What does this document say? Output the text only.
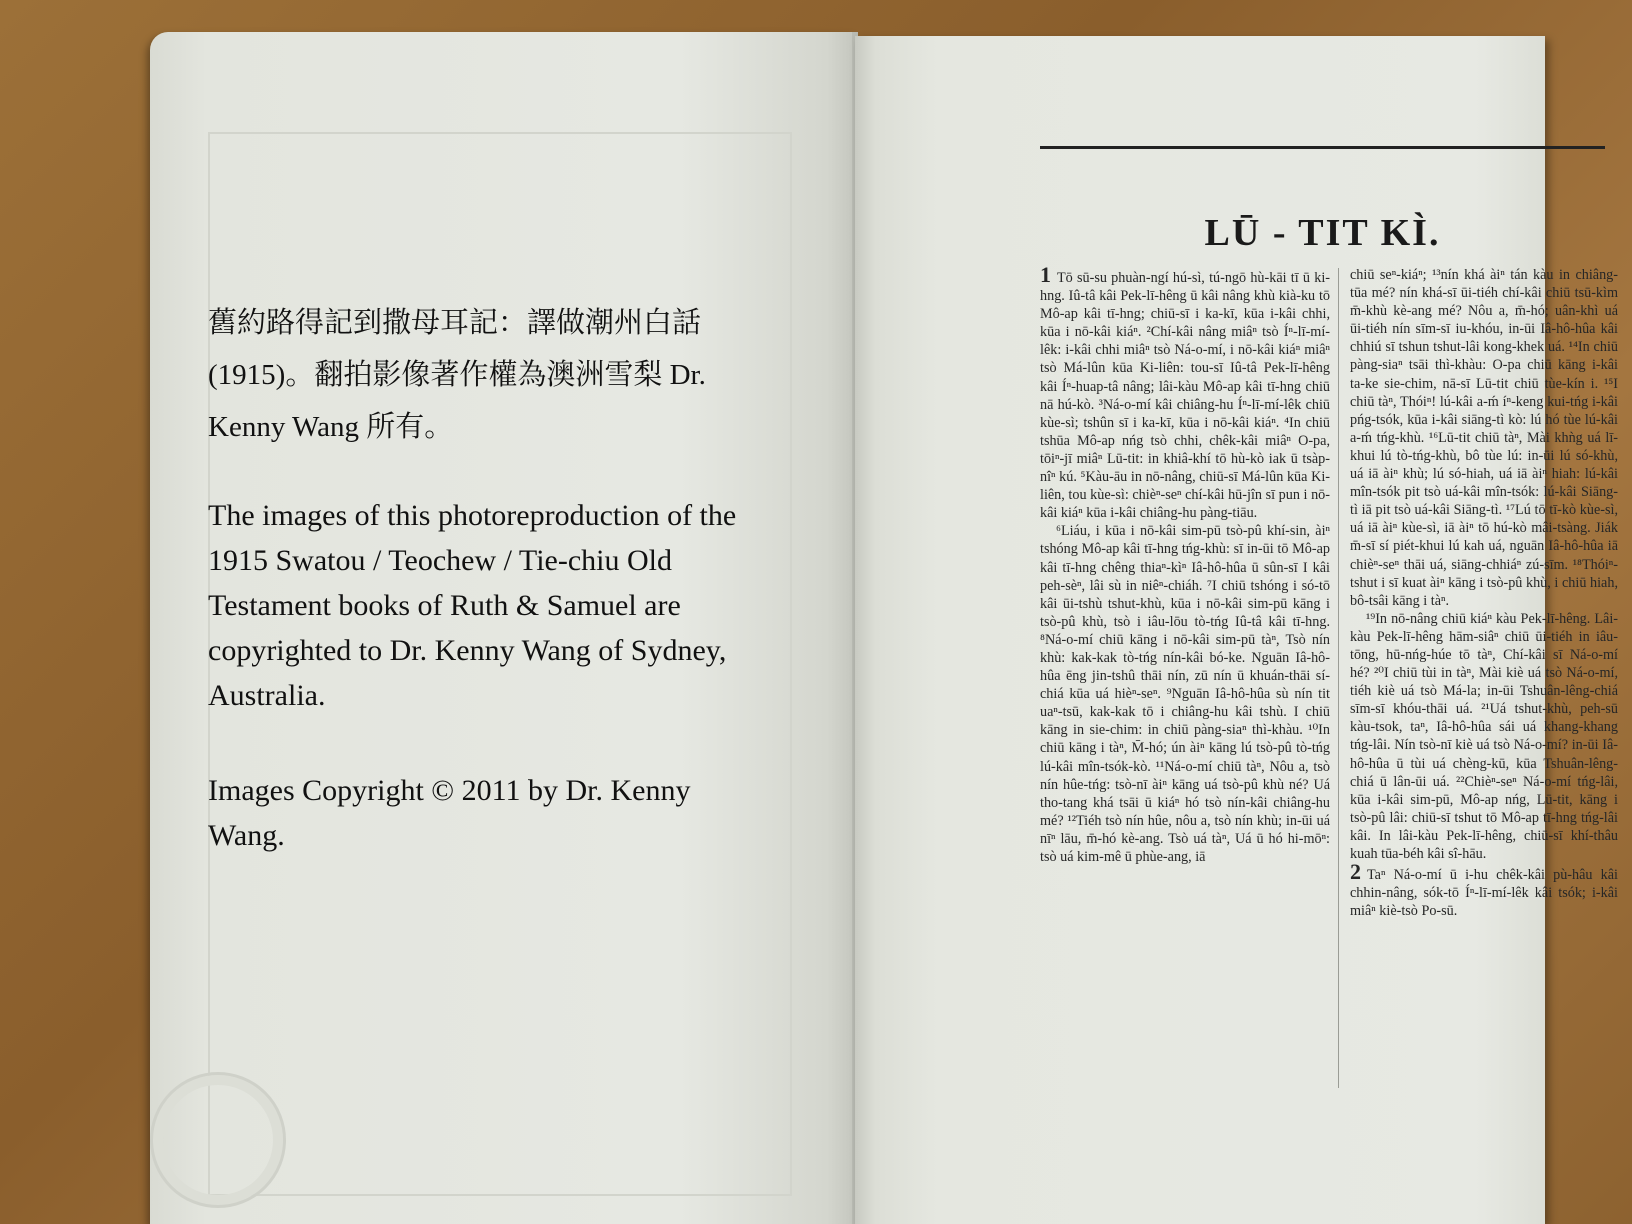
舊約路得記到撒母耳記：譯做潮州白話 (1915)。翻拍影像著作權為澳洲雪梨 Dr. Kenny Wang 所有。

The images of this photoreproduction of the 1915 Swatou / Teochew / Tie-chiu Old Testament books of Ruth & Samuel are copyrighted to Dr. Kenny Wang of Sydney, Australia.

Images Copyright © 2011 by Dr. Kenny Wang.

LŪ - TIT KÌ.

1 Tō sū-su phuàn-ngí hú-sì, tú-ngō hù-kāi tī ū ki-hng. Iû-tâ kâi Pek-lī-hêng ū kâi nâng khù kià-ku tō Mô-ap kâi tī-hng; chiū-sī i ka-kī, kūa i-kâi chhi, kūa i nō-kâi kiáⁿ. ²Chí-kâi nâng miâⁿ tsò Íⁿ-lī-mí-lêk: i-kâi chhi miâⁿ tsò Ná-o-mí, i nō-kâi kiáⁿ miâⁿ tsò Má-lûn kūa Ki-liên: tou-sī Iû-tâ Pek-lī-hêng kâi Íⁿ-huap-tâ nâng; lâi-kàu Mô-ap kâi tī-hng chiū nā hú-kò. ³Ná-o-mí kâi chiâng-hu Íⁿ-lī-mí-lêk chiū kùe-sì; tshûn sī i ka-kī, kūa i nō-kâi kiáⁿ. ⁴In chiū tshūa Mô-ap nńg tsò chhi, chêk-kâi miâⁿ O-pa, tōiⁿ-jī miâⁿ Lū-tit: in khiâ-khí tō hù-kò iak ū tsàp-nîⁿ kú. ⁵Kàu-āu in nō-nâng, chiū-sī Má-lûn kūa Ki-liên, tou kùe-sì: chièⁿ-seⁿ chí-kâi hū-jîn sī pun i nō-kâi kiáⁿ kūa i-kâi chiâng-hu pàng-tiāu.

⁶Liáu, i kūa i nō-kâi sim-pū tsò-pû khí-sin, àiⁿ tshóng Mô-ap kâi tī-hng tńg-khù: sī in-ūi tō Mô-ap kâi tī-hng chêng thiaⁿ-kìⁿ Iâ-hô-hûa ū sûn-sī I kâi peh-sèⁿ, lâi sù in niêⁿ-chiáh. ⁷I chiū tshóng i só-tō kâi ūi-tshù tshut-khù, kūa i nō-kâi sim-pū kāng i tsò-pû khù, tsò i iâu-lōu tò-tńg Iû-tâ kâi tī-hng. ⁸Ná-o-mí chiū kāng i nō-kâi sim-pū tàⁿ, Tsò nín khù: kak-kak tò-tńg nín-kâi bó-ke. Nguān Iâ-hô-hûa ēng jin-tshû thāi nín, zū nín ū khuán-thāi sí-chiá kūa uá hièⁿ-seⁿ. ⁹Nguān Iâ-hô-hûa sù nín tit uaⁿ-tsū, kak-kak tō i chiâng-hu kâi tshù. I chiū kāng in sie-chim: in chiū pàng-siaⁿ thì-khàu. ¹⁰In chiū kāng i tàⁿ, M̄-hó; ún àiⁿ kāng lú tsò-pû tò-tńg lú-kâi mîn-tsók-kò. ¹¹Ná-o-mí chiū tàⁿ, Nôu a, tsò nín hûe-tńg: tsò-nī àiⁿ kāng uá tsò-pû khù né? Uá tho-tang khá tsāi ū kiáⁿ hó tsò nín-kâi chiâng-hu mé? ¹²Tiéh tsò nín hûe, nôu a, tsò nín khù; in-ūi uá nīⁿ lāu, m̄-hó kè-ang. Tsò uá tàⁿ, Uá ū hó hi-mōⁿ: tsò uá kim-mê ū phùe-ang, iā

chiū seⁿ-kiáⁿ; ¹³nín khá àiⁿ tán kàu in chiâng-tūa mé? nín khá-sī ūi-tiéh chí-kâi chiū tsū-kìm m̄-khù kè-ang mé? Nôu a, m̄-hó; uân-khì uá ūi-tiéh nín sīm-sī iu-khóu, in-ūi Iâ-hô-hûa kâi chhiú sī tshun tshut-lâi kong-khek uá. ¹⁴In chiū pàng-siaⁿ tsāi thì-khàu: O-pa chiū kāng i-kâi ta-ke sie-chim, nā-sī Lū-tit chiū tùe-kín i. ¹⁵I chiū tàⁿ, Thóiⁿ! lú-kâi a-ḿ íⁿ-keng kui-tńg i-kâi pńg-tsók, kūa i-kâi siāng-tì kò: lú hó tùe lú-kâi a-ḿ tńg-khù. ¹⁶Lū-tit chiū tàⁿ, Mài khǹg uá lī-khui lú tò-tńg-khù, bô tùe lú: in-ūi lú só-khù, uá iā àiⁿ khù; lú só-hiah, uá iā àiⁿ hiah: lú-kâi mîn-tsók pit tsò uá-kâi mîn-tsók: lú-kâi Siāng-tì iā pit tsò uá-kâi Siāng-tì. ¹⁷Lú tō tī-kò kùe-sì, uá iā àiⁿ kùe-sì, iā àiⁿ tō hú-kò mâi-tsàng. Jiák m̄-sī sí piét-khui lú kah uá, nguān Iâ-hô-hûa iā chièⁿ-seⁿ thāi uá, siāng-chhiáⁿ zú-sīm. ¹⁸Thóiⁿ-tshut i sī kuat àiⁿ kāng i tsò-pû khù, i chiū hiah, bô-tsâi kāng i tàⁿ.

¹⁹In nō-nâng chiū kiáⁿ kàu Pek-lī-hêng. Lâi-kàu Pek-lī-hêng hām-siâⁿ chiū ūi-tiéh in iâu-tōng, hū-nńg-húe tō tàⁿ, Chí-kâi sī Ná-o-mí hé? ²⁰I chiū tùi in tàⁿ, Mài kiè uá tsò Ná-o-mí, tiéh kiè uá tsò Má-la; in-ūi Tshuân-lêng-chiá sīm-sī khóu-thāi uá. ²¹Uá tshut-khù, peh-sū kàu-tsok, taⁿ, Iâ-hô-hûa sái uá khang-khang tńg-lâi. Nín tsò-nī kiè uá tsò Ná-o-mí? in-ūi Iâ-hô-hûa ū tùi uá chèng-kū, kūa Tshuân-lêng-chiá ū lân-ūi uá. ²²Chièⁿ-seⁿ Ná-o-mí tńg-lâi, kūa i-kâi sim-pū, Mô-ap nńg, Lū-tit, kāng i tsò-pû lâi: chiū-sī tshut tō Mô-ap tī-hng tńg-lâi kâi. In lâi-kàu Pek-lī-hêng, chiū-sī khí-thâu kuah tūa-béh kâi sî-hāu.

2 Taⁿ Ná-o-mí ū i-hu chêk-kâi pù-hâu kâi chhin-nâng, sók-tō Íⁿ-lī-mí-lêk kâi tsók; i-kâi miâⁿ kiè-tsò Po-sū.
